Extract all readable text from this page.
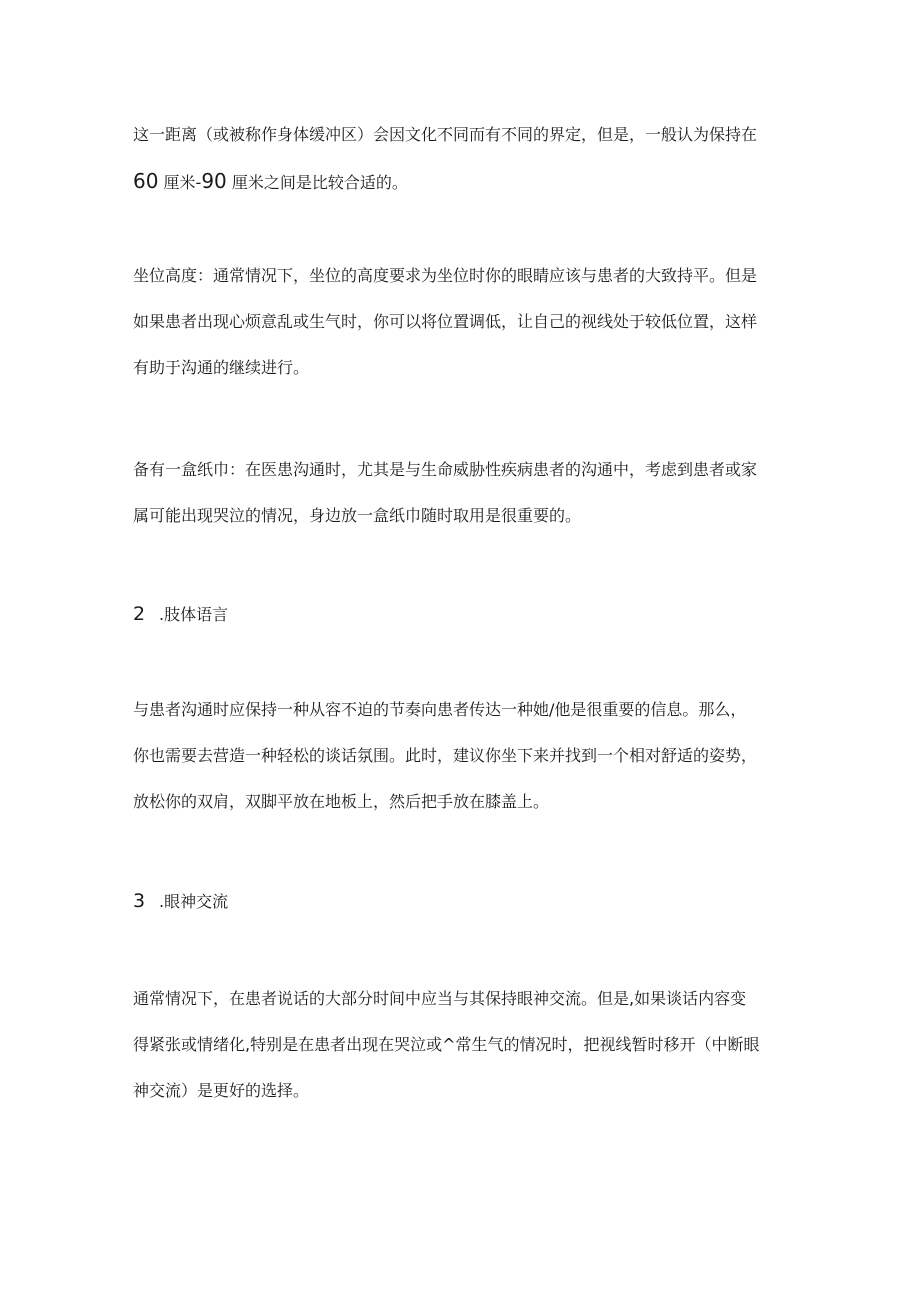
这一距离（或被称作身体缓冲区）会因文化不同而有不同的界定，但是，一般认为保持在
60 厘米-90 厘米之间是比较合适的。

坐位高度：通常情况下，坐位的高度要求为坐位时你的眼睛应该与患者的大致持平。但是
如果患者出现心烦意乱或生气时，你可以将位置调低，让自己的视线处于较低位置，这样
有助于沟通的继续进行。

备有一盒纸巾：在医患沟通时，尤其是与生命威胁性疾病患者的沟通中，考虑到患者或家
属可能出现哭泣的情况，身边放一盒纸巾随时取用是很重要的。

2 .肢体语言

与患者沟通时应保持一种从容不迫的节奏向患者传达一种她/他是很重要的信息。那么，
你也需要去营造一种轻松的谈话氛围。此时，建议你坐下来并找到一个相对舒适的姿势，
放松你的双肩，双脚平放在地板上，然后把手放在膝盖上。

3 .眼神交流

通常情况下，在患者说话的大部分时间中应当与其保持眼神交流。但是,如果谈话内容变
得紧张或情绪化,特别是在患者出现在哭泣或^常生气的情况时，把视线暂时移开（中断眼
神交流）是更好的选择。
